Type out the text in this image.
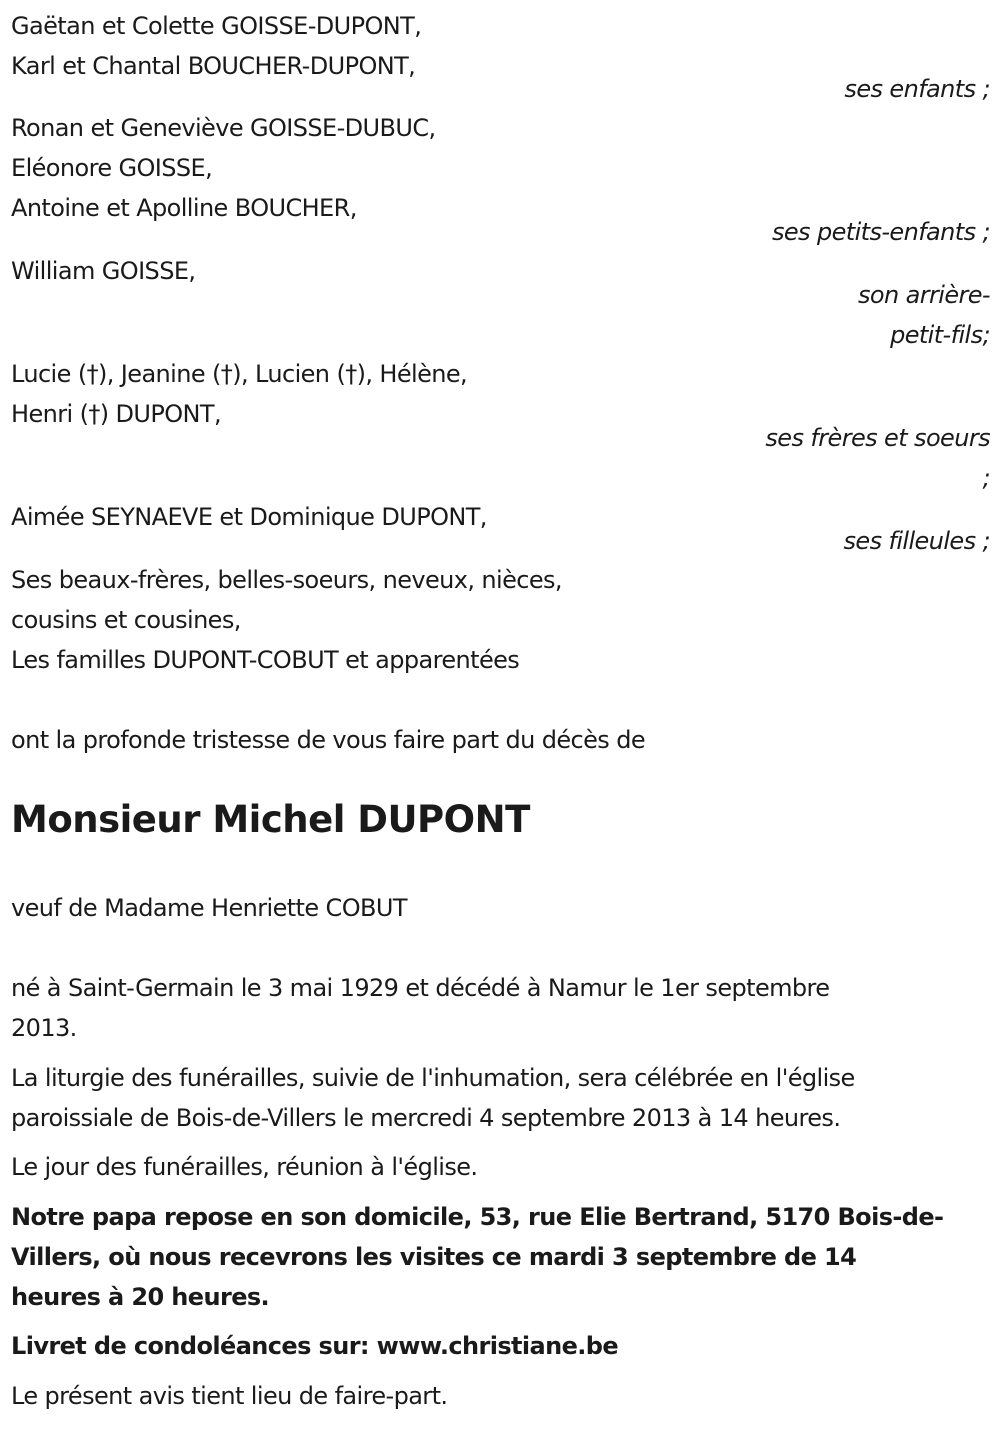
Gaëtan et Colette GOISSE-DUPONT,
Karl et Chantal BOUCHER-DUPONT,
ses enfants ;
Ronan et Geneviève GOISSE-DUBUC,
Eléonore GOISSE,
Antoine et Apolline BOUCHER,
ses petits-enfants ;
William GOISSE,
son arrière-
petit-fils;
Lucie (†), Jeanine (†), Lucien (†), Hélène,
Henri (†) DUPONT,
ses frères et soeurs
;
Aimée SEYNAEVE et Dominique DUPONT,
ses filleules ;
Ses beaux-frères, belles-soeurs, neveux, nièces,
cousins et cousines,
Les familles DUPONT-COBUT et apparentées
ont la profonde tristesse de vous faire part du décès de
Monsieur Michel DUPONT
veuf de Madame Henriette COBUT
né à Saint-Germain le 3 mai 1929 et décédé à Namur le 1er septembre
2013.
La liturgie des funérailles, suivie de l'inhumation, sera célébrée en l'église
paroissiale de Bois-de-Villers le mercredi 4 septembre 2013 à 14 heures.
Le jour des funérailles, réunion à l'église.
Notre papa repose en son domicile, 53, rue Elie Bertrand, 5170 Bois-de-
Villers, où nous recevrons les visites ce mardi 3 septembre de 14
heures à 20 heures.
Livret de condoléances sur: www.christiane.be
Le présent avis tient lieu de faire-part.
